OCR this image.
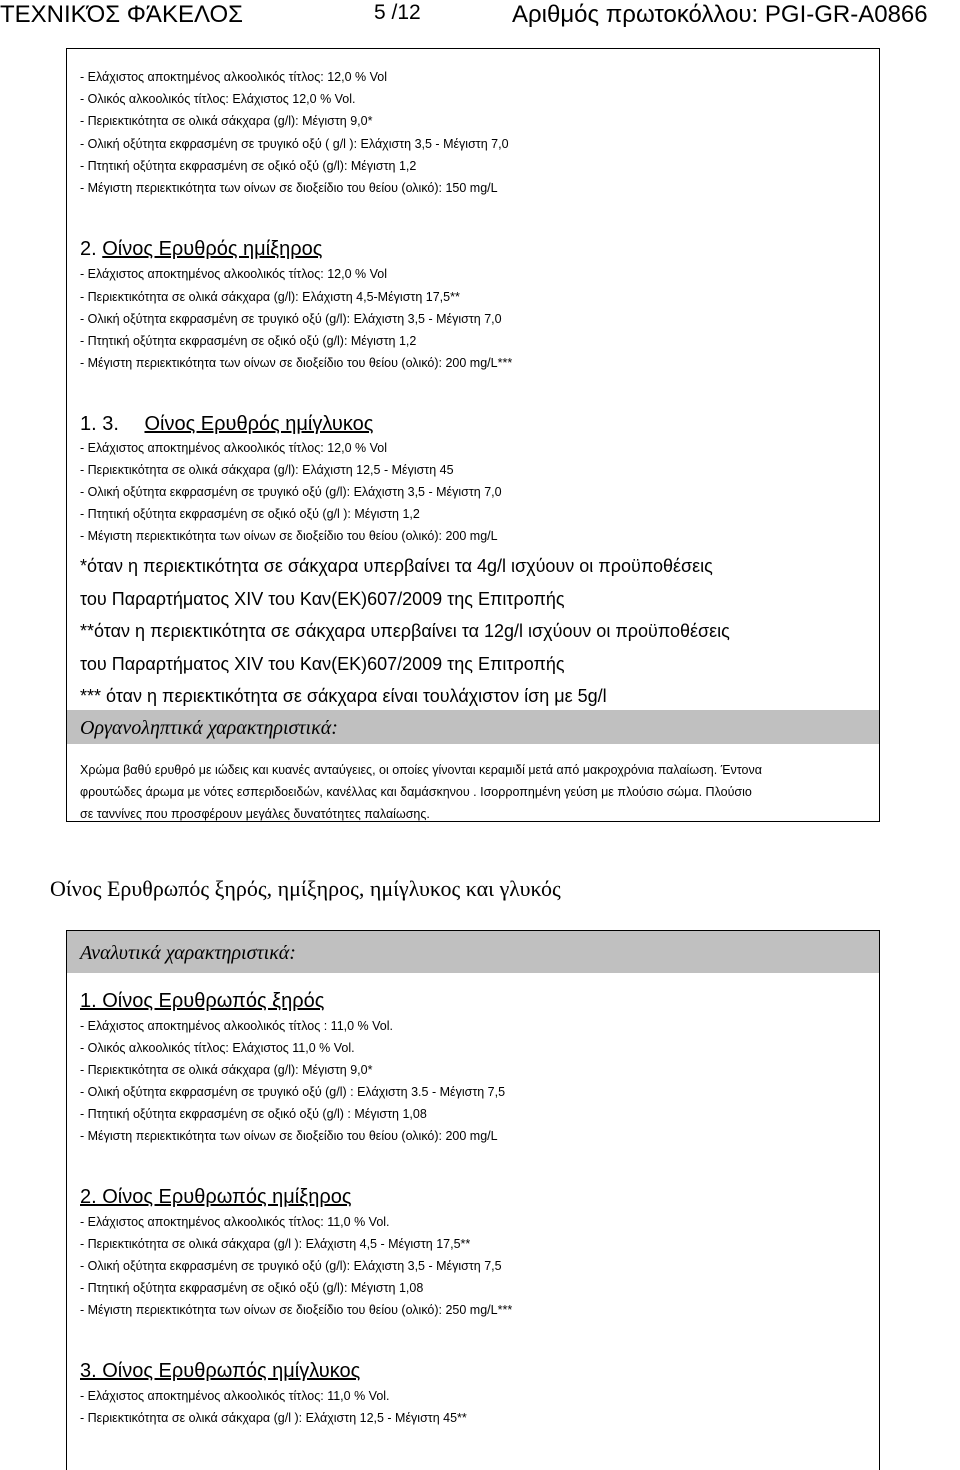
ΤΕΧΝΙΚΌΣ ΦΆΚΕΛΟΣ	5 /12	Αριθμός πρωτοκόλλου: PGI-GR-A0866
- Ελάχιστος αποκτημένος αλκοολικός τίτλος: 12,0 % Vol
- Ολικός αλκοολικός τίτλος: Ελάχιστος 12,0 % Vol.
- Περιεκτικότητα σε ολικά σάκχαρα (g/l): Μέγιστη 9,0*
- Ολική οξύτητα εκφρασμένη σε τρυγικό οξύ ( g/l ): Ελάχιστη 3,5 - Μέγιστη 7,0
- Πτητική οξύτητα εκφρασμένη σε οξικό οξύ (g/l): Μέγιστη 1,2
- Μέγιστη περιεκτικότητα των οίνων σε διοξείδιο του θείου (ολικό): 150 mg/L
2. Οίνος Ερυθρός ημίξηρος
- Ελάχιστος αποκτημένος αλκοολικός τίτλος: 12,0 % Vol
- Περιεκτικότητα σε ολικά σάκχαρα (g/l): Ελάχιστη 4,5-Μέγιστη 17,5**
- Ολική οξύτητα εκφρασμένη σε τρυγικό οξύ (g/l): Ελάχιστη 3,5 - Μέγιστη 7,0
- Πτητική οξύτητα εκφρασμένη σε οξικό οξύ (g/l): Μέγιστη 1,2
- Μέγιστη περιεκτικότητα των οίνων σε διοξείδιο του θείου (ολικό): 200 mg/L***
1. 3. Οίνος Ερυθρός ημίγλυκος
- Ελάχιστος αποκτημένος αλκοολικός τίτλος: 12,0 % Vol
- Περιεκτικότητα σε ολικά σάκχαρα (g/l): Ελάχιστη 12,5 - Μέγιστη 45
- Ολική οξύτητα εκφρασμένη σε τρυγικό οξύ (g/l): Ελάχιστη 3,5 - Μέγιστη 7,0
- Πτητική οξύτητα εκφρασμένη σε οξικό οξύ (g/l ): Μέγιστη 1,2
- Μέγιστη περιεκτικότητα των οίνων σε διοξείδιο του θείου (ολικό): 200 mg/L
*όταν η περιεκτικότητα σε σάκχαρα υπερβαίνει τα 4g/l ισχύουν οι προϋποθέσεις
του Παραρτήματος XIV του Καν(ΕΚ)607/2009 της Επιτροπής
**όταν η περιεκτικότητα σε σάκχαρα υπερβαίνει τα 12g/l ισχύουν οι προϋποθέσεις
του Παραρτήματος XIV του Καν(ΕΚ)607/2009 της Επιτροπής
*** όταν η περιεκτικότητα σε σάκχαρα είναι τουλάχιστον ίση με 5g/l
Οργανοληπτικά χαρακτηριστικά:
Χρώμα βαθύ ερυθρό με ιώδεις και κυανές ανταύγειες, οι οποίες γίνονται κεραμιδί μετά από μακροχρόνια παλαίωση. Έντονα
φρουτώδες άρωμα με νότες εσπεριδοειδών, κανέλλας και δαμάσκηνου . Ισορροπημένη γεύση με πλούσιο σώμα. Πλούσιο
σε ταννίνες που προσφέρουν μεγάλες δυνατότητες παλαίωσης.
Οίνος Ερυθρωπός ξηρός, ημίξηρος, ημίγλυκος και γλυκός
Αναλυτικά χαρακτηριστικά:
1. Οίνος Ερυθρωπός ξηρός
- Ελάχιστος αποκτημένος αλκοολικός τίτλος : 11,0 % Vol.
- Ολικός αλκοολικός τίτλος: Ελάχιστος 11,0 % Vol.
- Περιεκτικότητα σε ολικά σάκχαρα (g/l): Μέγιστη 9,0*
- Ολική οξύτητα εκφρασμένη σε τρυγικό οξύ (g/l) : Ελάχιστη 3.5 - Μέγιστη 7,5
- Πτητική οξύτητα εκφρασμένη σε οξικό οξύ (g/l) : Μέγιστη 1,08
- Μέγιστη περιεκτικότητα των οίνων σε διοξείδιο του θείου (ολικό): 200 mg/L
2. Οίνος Ερυθρωπός ημίξηρος
- Ελάχιστος αποκτημένος αλκοολικός τίτλος: 11,0 % Vol.
- Περιεκτικότητα σε ολικά σάκχαρα (g/l ): Ελάχιστη 4,5 - Μέγιστη 17,5**
- Ολική οξύτητα εκφρασμένη σε τρυγικό οξύ (g/l): Ελάχιστη 3,5 - Μέγιστη 7,5
- Πτητική οξύτητα εκφρασμένη σε οξικό οξύ (g/l): Μέγιστη 1,08
- Μέγιστη περιεκτικότητα των οίνων σε διοξείδιο του θείου (ολικό): 250 mg/L***
3. Οίνος Ερυθρωπός ημίγλυκος
- Ελάχιστος αποκτημένος αλκοολικός τίτλος: 11,0 % Vol.
- Περιεκτικότητα σε ολικά σάκχαρα (g/l ): Ελάχιστη 12,5 - Μέγιστη 45**
